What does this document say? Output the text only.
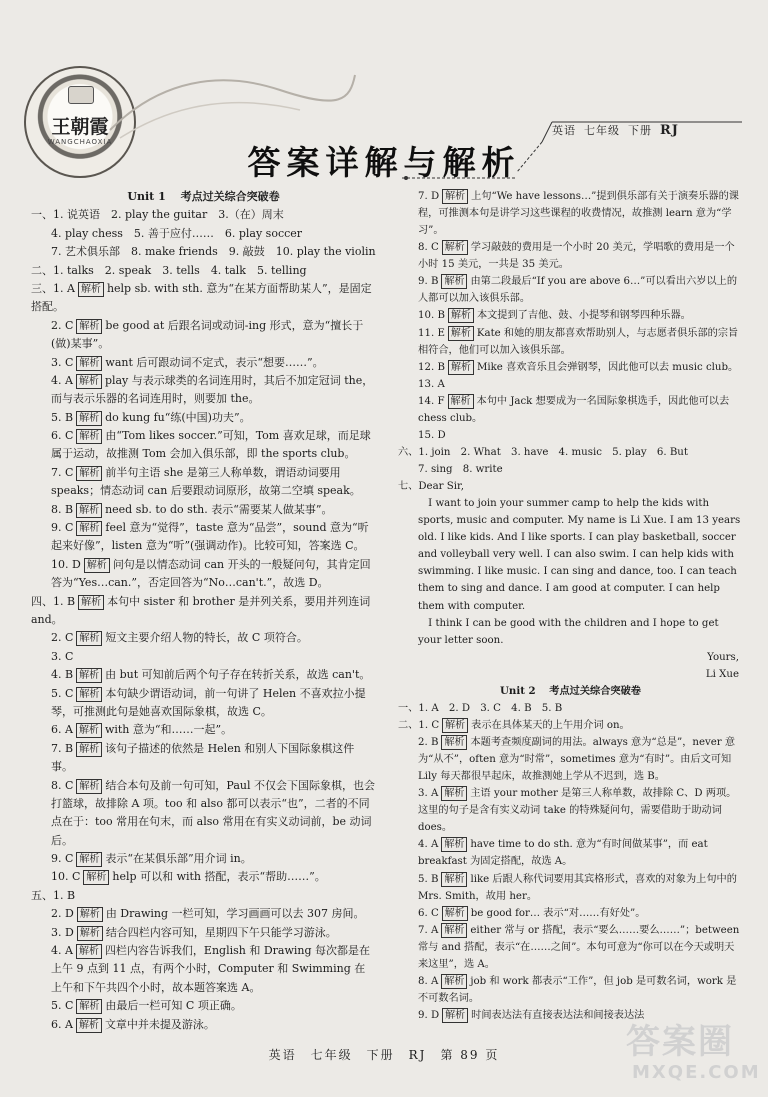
王朝霞
WANGCHAOXIA
英语 七年级 下册 RJ
答案详解与解析
Unit 1　 考点过关综合突破卷
一、1. 说英语　2. play the guitar　3.（在）周末
4. play chess　5. 善于应付……　6. play soccer
7. 艺术俱乐部　8. make friends　9. 敲鼓　10. play the violin
二、1. talks　2. speak　3. tells　4. talk　5. telling
三、1. A 解析 help sb. with sth. 意为“在某方面帮助某人”，是固定搭配。
2. C 解析 be good at 后跟名词或动词-ing 形式，意为“擅长于(做)某事”。
3. C 解析 want 后可跟动词不定式，表示“想要……”。
4. A 解析 play 与表示球类的名词连用时，其后不加定冠词 the，而与表示乐器的名词连用时，则要加 the。
5. B 解析 do kung fu“练(中国)功夫”。
6. C 解析 由“Tom likes soccer.”可知，Tom 喜欢足球，而足球属于运动，故推测 Tom 会加入俱乐部，即 the sports club。
7. C 解析 前半句主语 she 是第三人称单数，谓语动词要用 speaks；情态动词 can 后要跟动词原形，故第二空填 speak。
8. B 解析 need sb. to do sth. 表示“需要某人做某事”。
9. C 解析 feel 意为“觉得”，taste 意为“品尝”，sound 意为“听起来好像”，listen 意为“听”(强调动作)。比较可知，答案选 C。
10. D 解析 问句是以情态动词 can 开头的一般疑问句，其肯定回答为“Yes…can.”，否定回答为“No…can't.”，故选 D。
四、1. B 解析 本句中 sister 和 brother 是并列关系，要用并列连词 and。
2. C 解析 短文主要介绍人物的特长，故 C 项符合。
3. C
4. B 解析 由 but 可知前后两个句子存在转折关系，故选 can't。
5. C 解析 本句缺少谓语动词，前一句讲了 Helen 不喜欢拉小提琴，可推测此句是她喜欢国际象棋，故选 C。
6. A 解析 with 意为“和……一起”。
7. B 解析 该句子描述的依然是 Helen 和别人下国际象棋这件事。
8. C 解析 结合本句及前一句可知，Paul 不仅会下国际象棋，也会打篮球，故排除 A 项。too 和 also 都可以表示“也”，二者的不同点在于：too 常用在句末，而 also 常用在有实义动词前，be 动词后。
9. C 解析 表示“在某俱乐部”用介词 in。
10. C 解析 help 可以和 with 搭配，表示“帮助……”。
五、1. B
2. D 解析 由 Drawing 一栏可知，学习画画可以去 307 房间。
3. D 解析 结合四栏内容可知，星期四下午只能学习游泳。
4. A 解析 四栏内容告诉我们，English 和 Drawing 每次都是在上午 9 点到 11 点，有两个小时，Computer 和 Swimming 在上午和下午共四个小时，故本题答案选 A。
5. C 解析 由最后一栏可知 C 项正确。
6. A 解析 文章中并未提及游泳。
7. D 解析 上句“We have lessons…”提到俱乐部有关于演奏乐器的课程，可推测本句是讲学习这些课程的收费情况，故推测 learn 意为“学习”。
8. C 解析 学习敲鼓的费用是一个小时 20 美元，学唱歌的费用是一个小时 15 美元，一共是 35 美元。
9. B 解析 由第二段最后“If you are above 6…”可以看出六岁以上的人都可以加入该俱乐部。
10. B 解析 本文提到了吉他、鼓、小提琴和钢琴四种乐器。
11. E 解析 Kate 和她的朋友都喜欢帮助别人，与志愿者俱乐部的宗旨相符合，他们可以加入该俱乐部。
12. B 解析 Mike 喜欢音乐且会弹钢琴，因此他可以去 music club。
13. A
14. F 解析 本句中 Jack 想要成为一名国际象棋选手，因此他可以去 chess club。
15. D
六、1. join　2. What　3. have　4. music　5. play　6. But
7. sing　8. write
七、Dear Sir,
　I want to join your summer camp to help the kids with sports, music and computer. My name is Li Xue. I am 13 years old. I like kids. And I like sports. I can play basketball, soccer and volleyball very well. I can also swim. I can help kids with swimming. I like music. I can sing and dance, too. I can teach them to sing and dance. I am good at computer. I can help them with computer.
　I think I can be good with the children and I hope to get your letter soon.
Yours,
Li Xue
Unit 2　 考点过关综合突破卷
一、1. A　2. D　3. C　4. B　5. B
二、1. C 解析 表示在具体某天的上午用介词 on。
2. B 解析 本题考查频度副词的用法。always 意为“总是”，never 意为“从不”，often 意为“时常”，sometimes 意为“有时”。由后文可知 Lily 每天都很早起床，故推测她上学从不迟到，选 B。
3. A 解析 主语 your mother 是第三人称单数，故排除 C、D 两项。这里的句子是含有实义动词 take 的特殊疑问句，需要借助于助动词 does。
4. A 解析 have time to do sth. 意为“有时间做某事”，而 eat breakfast 为固定搭配，故选 A。
5. B 解析 like 后跟人称代词要用其宾格形式，喜欢的对象为上句中的 Mrs. Smith，故用 her。
6. C 解析 be good for… 表示“对……有好处”。
7. A 解析 either 常与 or 搭配，表示“要么……要么……”；between 常与 and 搭配，表示“在……之间”。本句可意为“你可以在今天或明天来这里”，选 A。
8. A 解析 job 和 work 都表示“工作”，但 job 是可数名词，work 是不可数名词。
9. D 解析 时间表达法有直接表达法和间接表达法
英语　七年级　下册　RJ　第 89 页	答案圈
MXQE.COM
